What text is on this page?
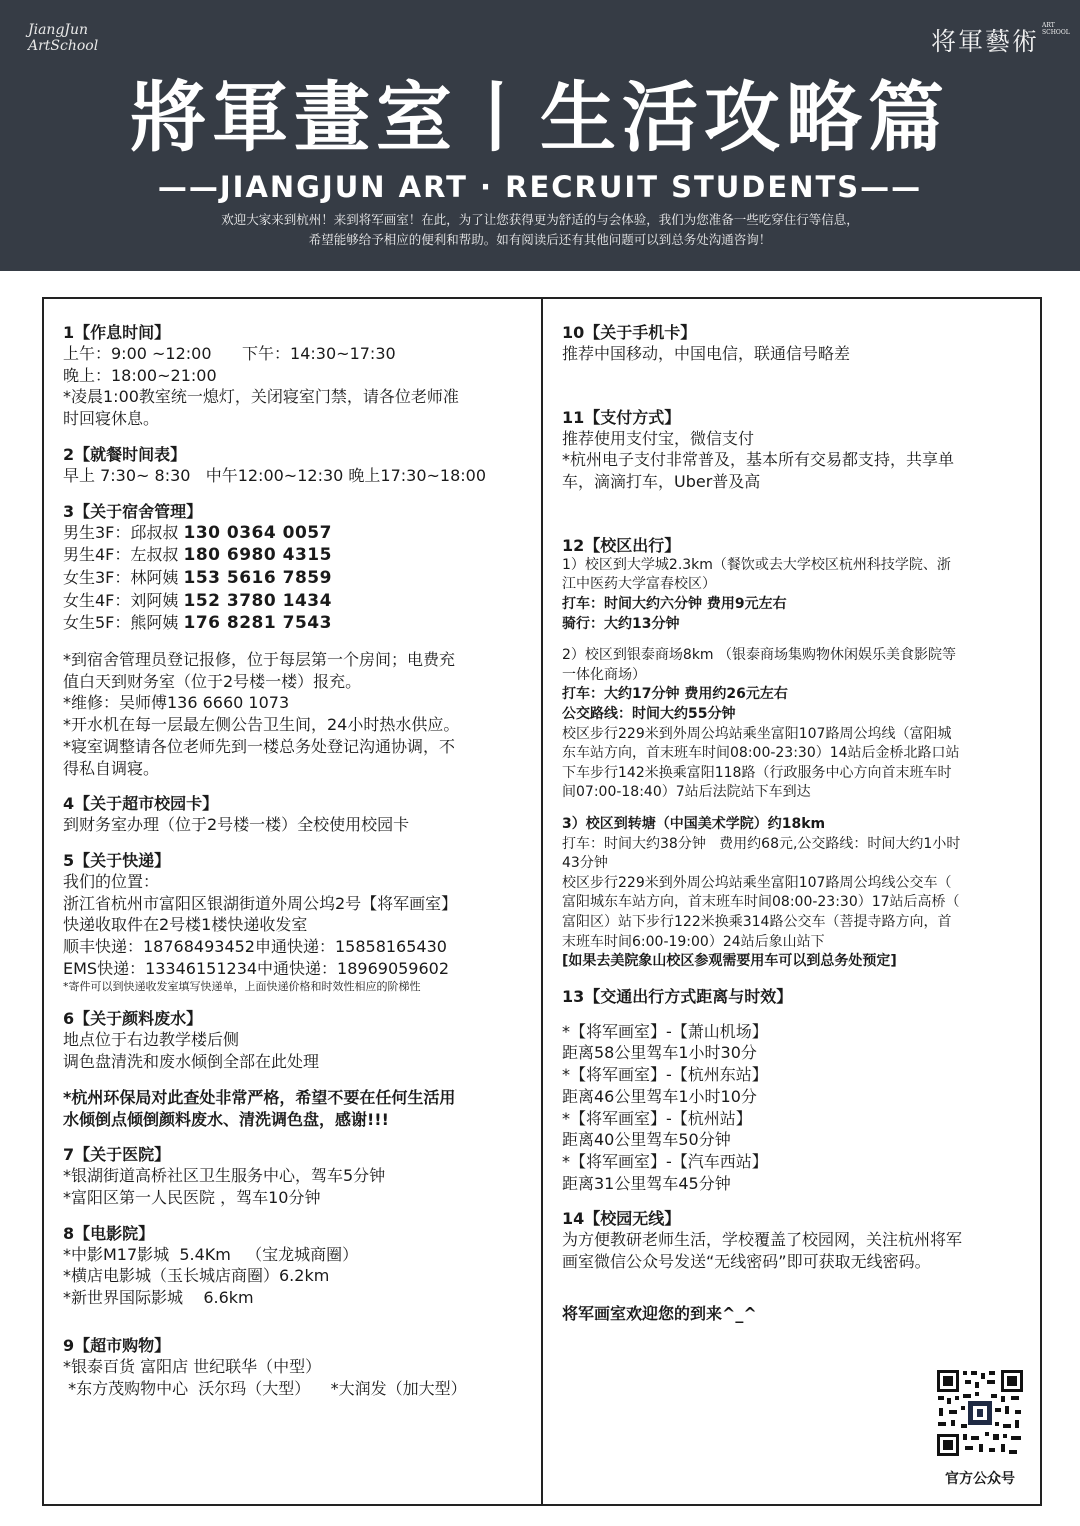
JiangJun
ArtSchool	将軍藝術ART SCHOOL
將軍畫室丨生活攻略篇
——JIANGJUN ART · RECRUIT STUDENTS——
欢迎大家来到杭州！来到将军画室！在此，为了让您获得更为舒适的与会体验，我们为您准备一些吃穿住行等信息，
希望能够给予相应的便利和帮助。如有阅读后还有其他问题可以到总务处沟通咨询！
1【作息时间】
上午：9:00 ~12:00      下午：14:30~17:30
晚上：18:00~21:00
*凌晨1:00教室统一熄灯，关闭寝室门禁，请各位老师准
时回寝休息。
2【就餐时间表】
早上 7:30~ 8:30   中午12:00~12:30 晚上17:30~18:00
3【关于宿舍管理】
男生3F：邱叔叔 130 0364 0057
男生4F：左叔叔 180 6980 4315
女生3F：林阿姨 153 5616 7859
女生4F：刘阿姨 152 3780 1434
女生5F：熊阿姨 176 8281 7543
*到宿舍管理员登记报修，位于每层第一个房间；电费充
值白天到财务室（位于2号楼一楼）报充。
*维修：吴师傅136 6660 1073
*开水机在每一层最左侧公告卫生间，24小时热水供应。
*寝室调整请各位老师先到一楼总务处登记沟通协调，不
得私自调寝。
4【关于超市校园卡】
到财务室办理（位于2号楼一楼）全校使用校园卡
5【关于快递】
我们的位置：
浙江省杭州市富阳区银湖街道外周公坞2号【将军画室】
快递收取件在2号楼1楼快递收发室
顺丰快递：18768493452申通快递：15858165430
EMS快递：13346151234中通快递：18969059602
*寄件可以到快递收发室填写快递单，上面快递价格和时效性相应的阶梯性
6【关于颜料废水】
地点位于右边教学楼后侧
调色盘清洗和废水倾倒全部在此处理
*杭州环保局对此查处非常严格，希望不要在任何生活用
水倾倒点倾倒颜料废水、清洗调色盘，感谢!!!
7【关于医院】
*银湖街道高桥社区卫生服务中心，驾车5分钟
*富阳区第一人民医院 ，驾车10分钟
8【电影院】
*中影M17影城  5.4Km   （宝龙城商圈）
*横店电影城（玉长城店商圈）6.2km
*新世界国际影城    6.6km
9【超市购物】
*银泰百货 富阳店 世纪联华（中型）
*东方茂购物中心  沃尔玛（大型）    *大润发（加大型）
10【关于手机卡】
推荐中国移动，中国电信，联通信号略差
11【支付方式】
推荐使用支付宝，微信支付
*杭州电子支付非常普及，基本所有交易都支持，共享单
车，滴滴打车，Uber普及高
12【校区出行】
1）校区到大学城2.3km（餐饮或去大学校区杭州科技学院、浙
江中医药大学富春校区）
打车：时间大约六分钟 费用9元左右
骑行：大约13分钟
2）校区到银泰商场8km （银泰商场集购物休闲娱乐美食影院等
一体化商场）
打车：大约17分钟 费用约26元左右
公交路线：时间大约55分钟
校区步行229米到外周公坞站乘坐富阳107路周公坞线（富阳城
东车站方向，首末班车时间08:00-23:30）14站后金桥北路口站
下车步行142米换乘富阳118路（行政服务中心方向首末班车时
间07:00-18:40）7站后法院站下车到达
3）校区到转塘（中国美术学院）约18km
打车：时间大约38分钟   费用约68元,公交路线：时间大约1小时
43分钟
校区步行229米到外周公坞站乘坐富阳107路周公坞线公交车（
富阳城东车站方向，首末班车时间08:00-23:30）17站后高桥（
富阳区）站下步行122米换乘314路公交车（菩提寺路方向，首
末班车时间6:00-19:00）24站后象山站下
[如果去美院象山校区参观需要用车可以到总务处预定]
13【交通出行方式距离与时效】
*【将军画室】-【萧山机场】
距离58公里驾车1小时30分
*【将军画室】-【杭州东站】
距离46公里驾车1小时10分
*【将军画室】-【杭州站】
距离40公里驾车50分钟
*【将军画室】-【汽车西站】
距离31公里驾车45分钟
14【校园无线】
为方便教研老师生活，学校覆盖了校园网，关注杭州将军
画室微信公众号发送“无线密码”即可获取无线密码。
将军画室欢迎您的到来^_^
官方公众号
